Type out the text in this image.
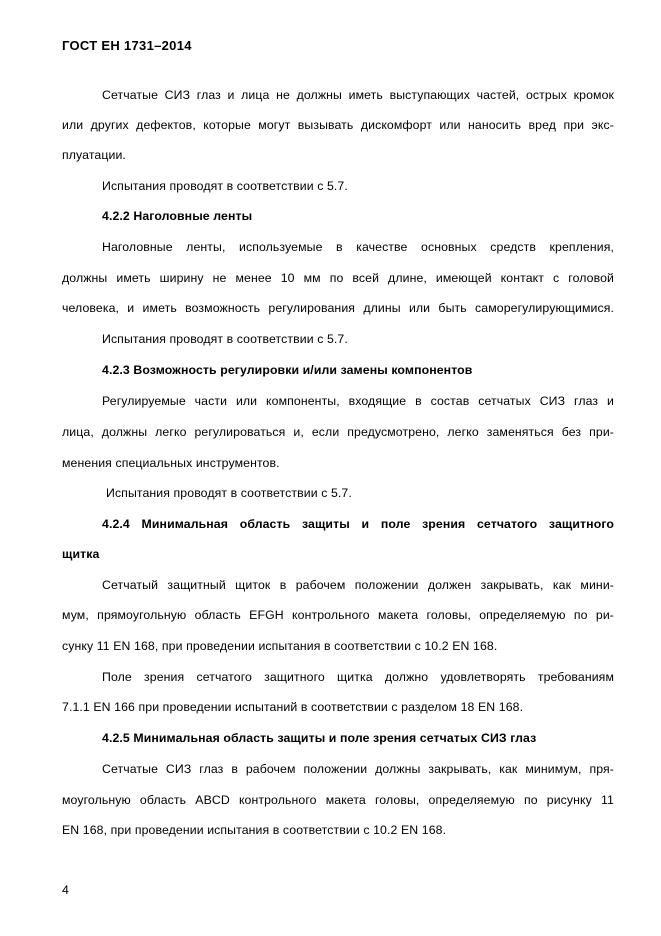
ГОСТ ЕН 1731–2014
Сетчатые СИЗ глаз и лица не должны иметь выступающих частей, острых кромок
или других дефектов, которые могут вызывать дискомфорт или наносить вред при экс-
плуатации.
Испытания проводят в соответствии с 5.7.
4.2.2 Наголовные ленты
Наголовные ленты, используемые в качестве основных средств крепления,
должны иметь ширину не менее 10 мм по всей длине, имеющей контакт с головой
человека, и иметь возможность регулирования длины или быть саморегулирующимися.
Испытания проводят в соответствии с 5.7.
4.2.3 Возможность регулировки и/или замены компонентов
Регулируемые части или компоненты, входящие в состав сетчатых СИЗ глаз и
лица, должны легко регулироваться и, если предусмотрено, легко заменяться без при-
менения специальных инструментов.
Испытания проводят в соответствии с 5.7.
4.2.4 Минимальная область защиты и поле зрения сетчатого защитного
щитка
Сетчатый защитный щиток в рабочем положении должен закрывать, как мини-
мум, прямоугольную область EFGH контрольного макета головы, определяемую по ри-
сунку 11 EN 168, при проведении испытания в соответствии с 10.2 EN 168.
Поле зрения сетчатого защитного щитка должно удовлетворять требованиям
7.1.1 EN 166 при проведении испытаний в соответствии с разделом 18 EN 168.
4.2.5 Минимальная область защиты и поле зрения сетчатых СИЗ глаз
Сетчатые СИЗ глаз в рабочем положении должны закрывать, как минимум, пря-
моугольную область ABCD контрольного макета головы, определяемую по рисунку 11
EN 168, при проведении испытания в соответствии с 10.2 EN 168.
4
